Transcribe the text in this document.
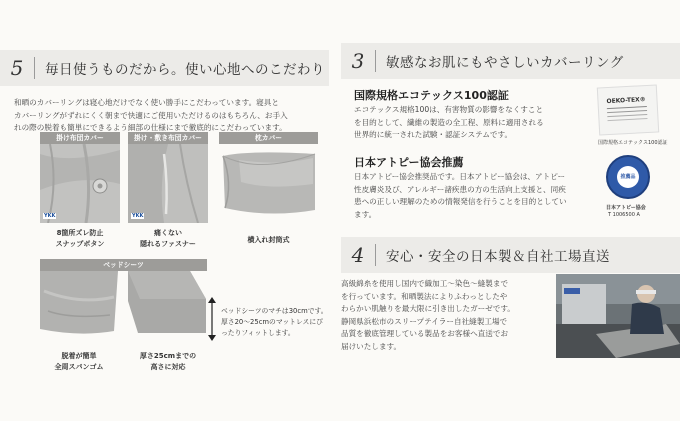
5	毎日使うものだから。使い心地へのこだわり
和晒のカバーリングは寝心地だけでなく使い勝手にこだわっています。寝具と
カバーリングがずれにくく朝まで快適にご使用いただけるのはもちろん、お手入
れの際の脱着も簡単にできるよう細部の仕様にまで徹底的にこだわっています。
掛け布団カバー
YKK
8箇所ズレ防止
スナップボタン
掛け・敷き布団カバー
YKK
痛くない
隠れるファスナー
枕カバー
横入れ封筒式
ベッドシーツ
脱着が簡単
全周スパンゴム
厚さ25cmまでの
高さに対応
ベッドシーツのマチは30cmです。
厚さ20〜25cmのマットレスにぴ
ったりフィットします。
3	敏感なお肌にもやさしいカバーリング
国際規格エコテックス100認証
エコテックス規格100は、有害物質の影響をなくすこと
を目的として、繊維の製造の全工程、原料に適用される
世界的に統一された試験・認証システムです。
OEKO-TEX®
国際規格エコテックス100認証
日本アトピー協会推薦
日本アトピー協会推奨品です。日本アトピー協会は、アトピー
性皮膚炎及び、アレルギー諸疾患の方の生活向上支援と、同疾
患への正しい理解のための情報発信を行うことを目的としてい
ます。
推薦品
日本アトピー協会
T 1006500 A
4	安心・安全の日本製＆自社工場直送
高級綿糸を使用し国内で織加工〜染色〜縫製まで
を行っています。和晒製法によりふわっとしたや
わらかい肌触りを最大限に引き出したガーゼです。
静岡県浜松市のスリープテイラー自社縫製工場で
品質を徹底管理している製品をお客様へ直送でお
届けいたします。
